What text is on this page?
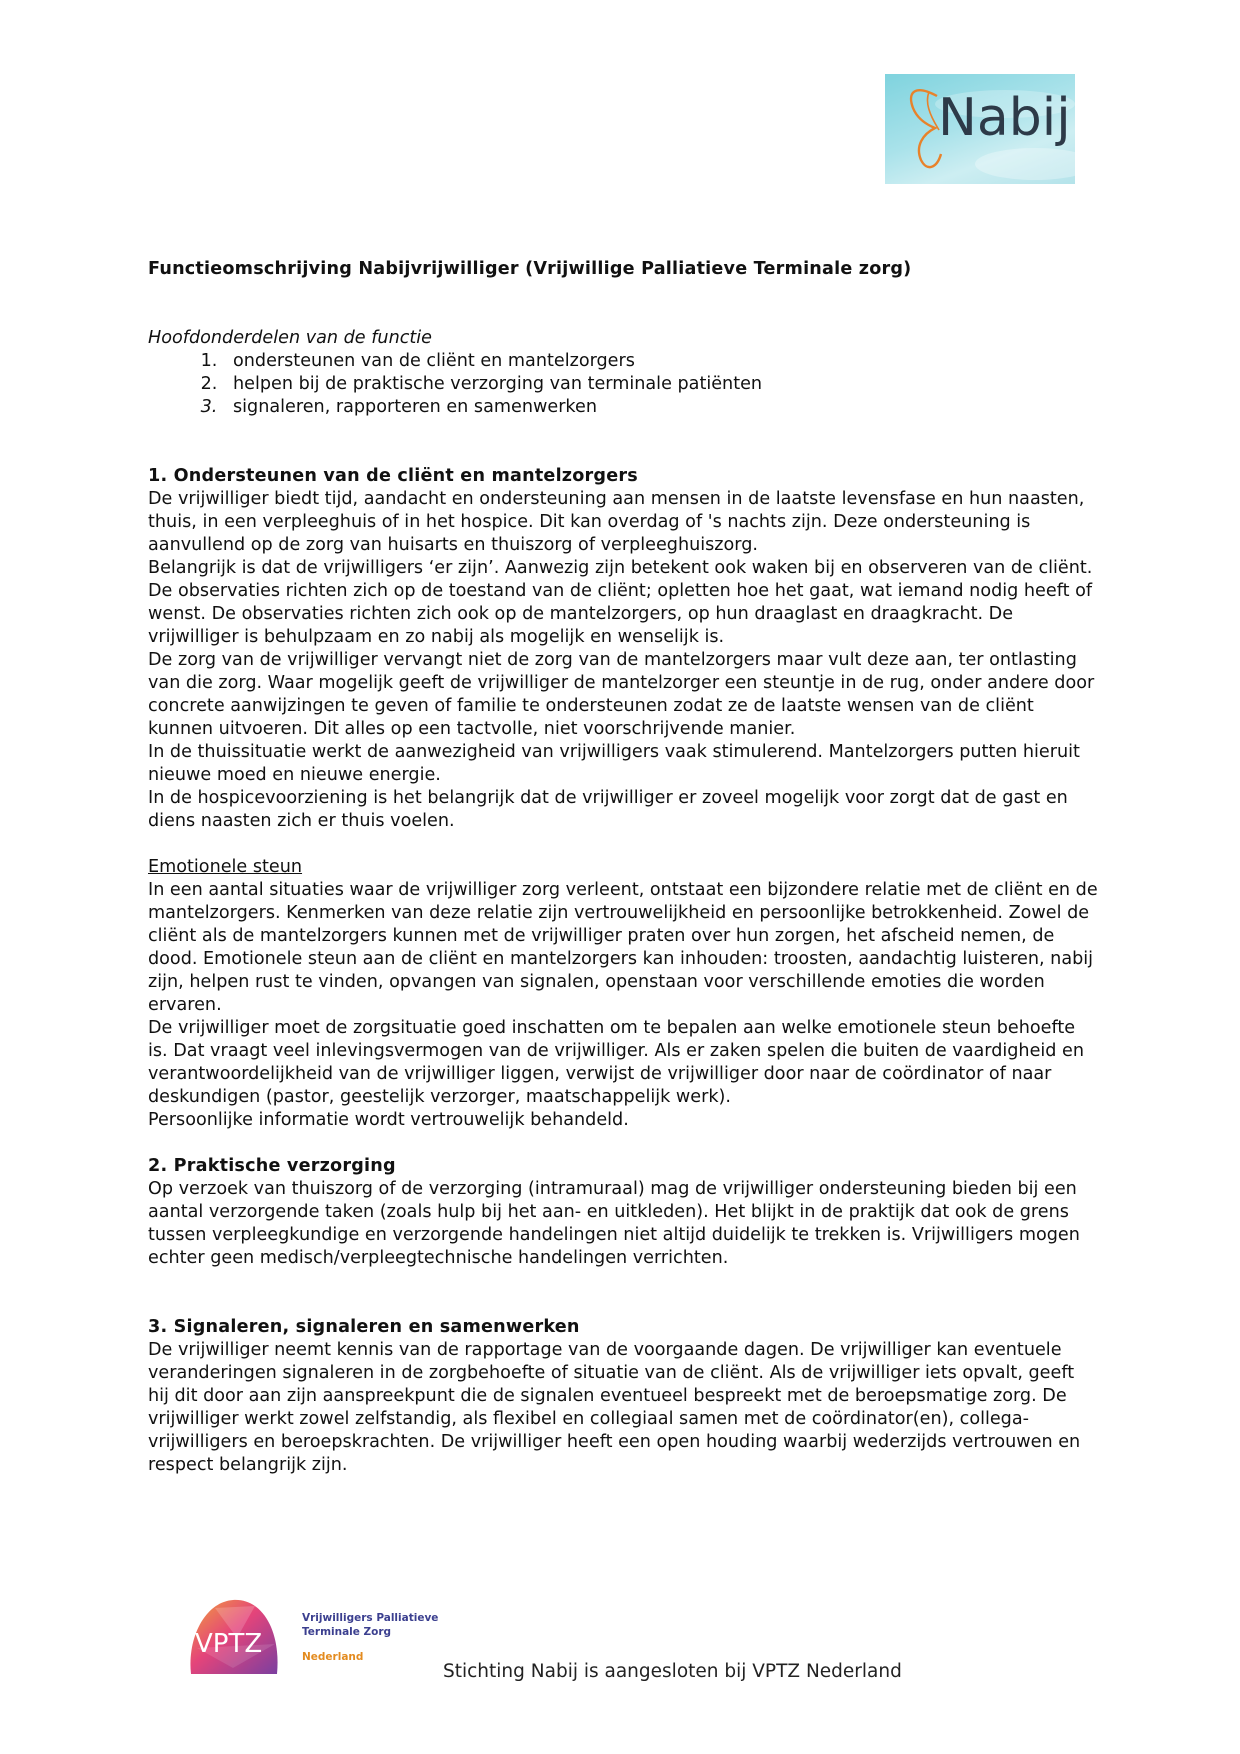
Nabij

Functieomschrijving Nabijvrijwilliger (Vrijwillige Palliatieve Terminale zorg)

Hoofdonderdelen van de functie

1. ondersteunen van de cliënt en mantelzorgers
2. helpen bij de praktische verzorging van terminale patiënten
3. signaleren, rapporteren en samenwerken
1. Ondersteunen van de cliënt en mantelzorgers

De vrijwilliger biedt tijd, aandacht en ondersteuning aan mensen in de laatste levensfase en hun naasten, thuis, in een verpleeghuis of in het hospice. Dit kan overdag of 's nachts zijn. Deze ondersteuning is aanvullend op de zorg van huisarts en thuiszorg of verpleeghuiszorg.

Belangrijk is dat de vrijwilligers ‘er zijn’. Aanwezig zijn betekent ook waken bij en observeren van de cliënt. De observaties richten zich op de toestand van de cliënt; opletten hoe het gaat, wat iemand nodig heeft of wenst. De observaties richten zich ook op de mantelzorgers, op hun draaglast en draagkracht. De vrijwilliger is behulpzaam en zo nabij als mogelijk en wenselijk is.

De zorg van de vrijwilliger vervangt niet de zorg van de mantelzorgers maar vult deze aan, ter ontlasting van die zorg. Waar mogelijk geeft de vrijwilliger de mantelzorger een steuntje in de rug, onder andere door concrete aanwijzingen te geven of familie te ondersteunen zodat ze de laatste wensen van de cliënt kunnen uitvoeren. Dit alles op een tactvolle, niet voorschrijvende manier.

In de thuissituatie werkt de aanwezigheid van vrijwilligers vaak stimulerend. Mantelzorgers putten hieruit nieuwe moed en nieuwe energie.

In de hospicevoorziening is het belangrijk dat de vrijwilliger er zoveel mogelijk voor zorgt dat de gast en diens naasten zich er thuis voelen.

Emotionele steun

In een aantal situaties waar de vrijwilliger zorg verleent, ontstaat een bijzondere relatie met de cliënt en de mantelzorgers. Kenmerken van deze relatie zijn vertrouwelijkheid en persoonlijke betrokkenheid. Zowel de cliënt als de mantelzorgers kunnen met de vrijwilliger praten over hun zorgen, het afscheid nemen, de dood. Emotionele steun aan de cliënt en mantelzorgers kan inhouden: troosten, aandachtig luisteren, nabij zijn, helpen rust te vinden, opvangen van signalen, openstaan voor verschillende emoties die worden ervaren.

De vrijwilliger moet de zorgsituatie goed inschatten om te bepalen aan welke emotionele steun behoefte is. Dat vraagt veel inlevingsvermogen van de vrijwilliger. Als er zaken spelen die buiten de vaardigheid en verantwoordelijkheid van de vrijwilliger liggen, verwijst de vrijwilliger door naar de coördinator of naar deskundigen (pastor, geestelijk verzorger, maatschappelijk werk).

Persoonlijke informatie wordt vertrouwelijk behandeld.

2. Praktische verzorging

Op verzoek van thuiszorg of de verzorging (intramuraal) mag de vrijwilliger ondersteuning bieden bij een aantal verzorgende taken (zoals hulp bij het aan- en uitkleden). Het blijkt in de praktijk dat ook de grens tussen verpleegkundige en verzorgende handelingen niet altijd duidelijk te trekken is. Vrijwilligers mogen echter geen medisch/verpleegtechnische handelingen verrichten.

3. Signaleren, signaleren en samenwerken

De vrijwilliger neemt kennis van de rapportage van de voorgaande dagen. De vrijwilliger kan eventuele veranderingen signaleren in de zorgbehoefte of situatie van de cliënt. Als de vrijwilliger iets opvalt, geeft hij dit door aan zijn aanspreekpunt die de signalen eventueel bespreekt met de beroepsmatige zorg. De vrijwilliger werkt zowel zelfstandig, als flexibel en collegiaal samen met de coördinator(en), collega-vrijwilligers en beroepskrachten. De vrijwilliger heeft een open houding waarbij wederzijds vertrouwen en respect belangrijk zijn.

VPTZ
Vrijwilligers Palliatieve
Terminale Zorg
Nederland
Stichting Nabij is aangesloten bij VPTZ Nederland
